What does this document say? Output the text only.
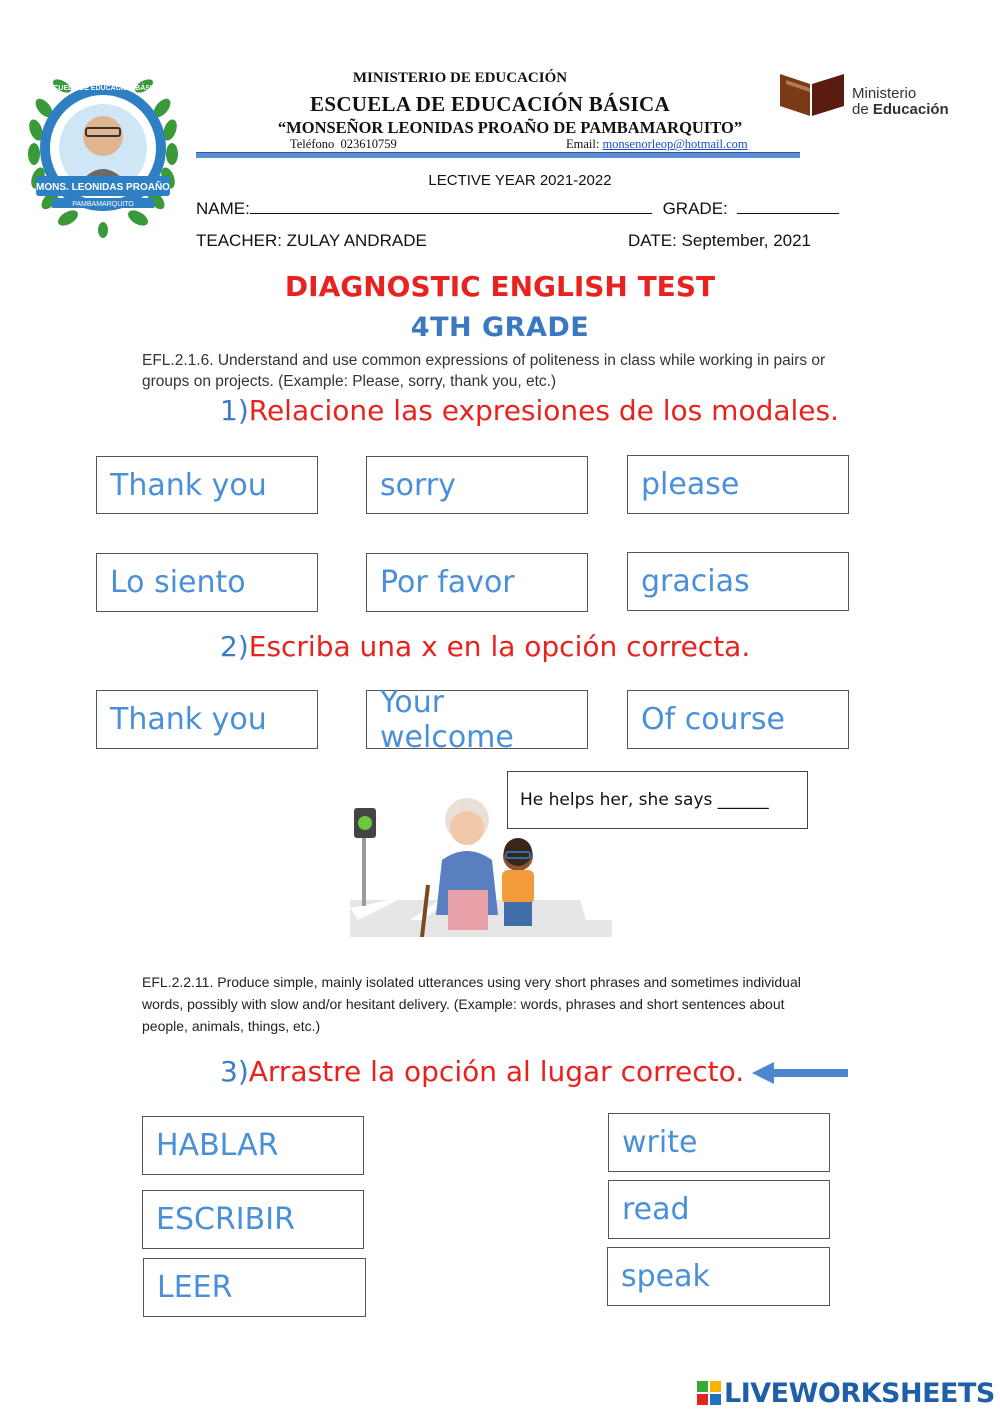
MONS. LEONIDAS PROAÑO
PAMBAMARQUITO
ESCUELA DE EDUCACIÓN BÁSICA
MINISTERIO DE EDUCACIÓN
ESCUELA DE EDUCACIÓN BÁSICA
“MONSEÑOR LEONIDAS PROAÑO DE PAMBAMARQUITO”
Teléfono 023610759	Email: monsenorleop@hotmail.com
Ministerio
de Educación
LECTIVE YEAR 2021-2022
NAME:	GRADE:
TEACHER: ZULAY ANDRADE	DATE: September, 2021
DIAGNOSTIC ENGLISH TEST
4TH GRADE
EFL.2.1.6. Understand and use common expressions of politeness in class while working in pairs or groups on projects. (Example: Please, sorry, thank you, etc.)
1)Relacione las expresiones de los modales.
Thank you	sorry	please
Lo siento	Por favor	gracias
2)Escriba una x en la opción correcta.
Thank you	Your welcome	Of course
He helps her, she says ______
EFL.2.2.11. Produce simple, mainly isolated utterances using very short phrases and sometimes individual words, possibly with slow and/or hesitant delivery. (Example: words, phrases and short sentences about people, animals, things, etc.)
3)Arrastre la opción al lugar correcto.
HABLAR
ESCRIBIR
LEER
write
read
speak
LIVEWORKSHEETS
